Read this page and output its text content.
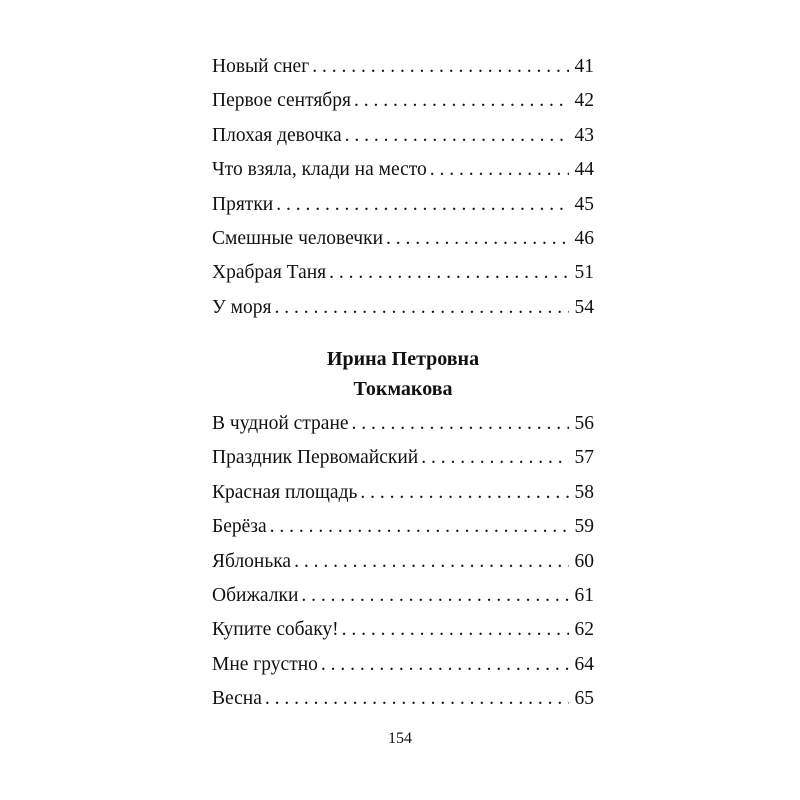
Новый снег . . .	41
Первое сентября . . .	42
Плохая девочка . . .	43
Что взяла, клади на место . . .	44
Прятки . . .	45
Смешные человечки . . .	46
Храбрая Таня . . .	51
У моря . . .	54
Ирина Петровна
Токмакова
В чудной стране . . .	56
Праздник Первомайский . . .	57
Красная площадь . . .	58
Берёза . . .	59
Яблонька . . .	60
Обижалки . . .	61
Купите собаку! . . .	62
Мне грустно . . .	64
Весна . . .	65
154
